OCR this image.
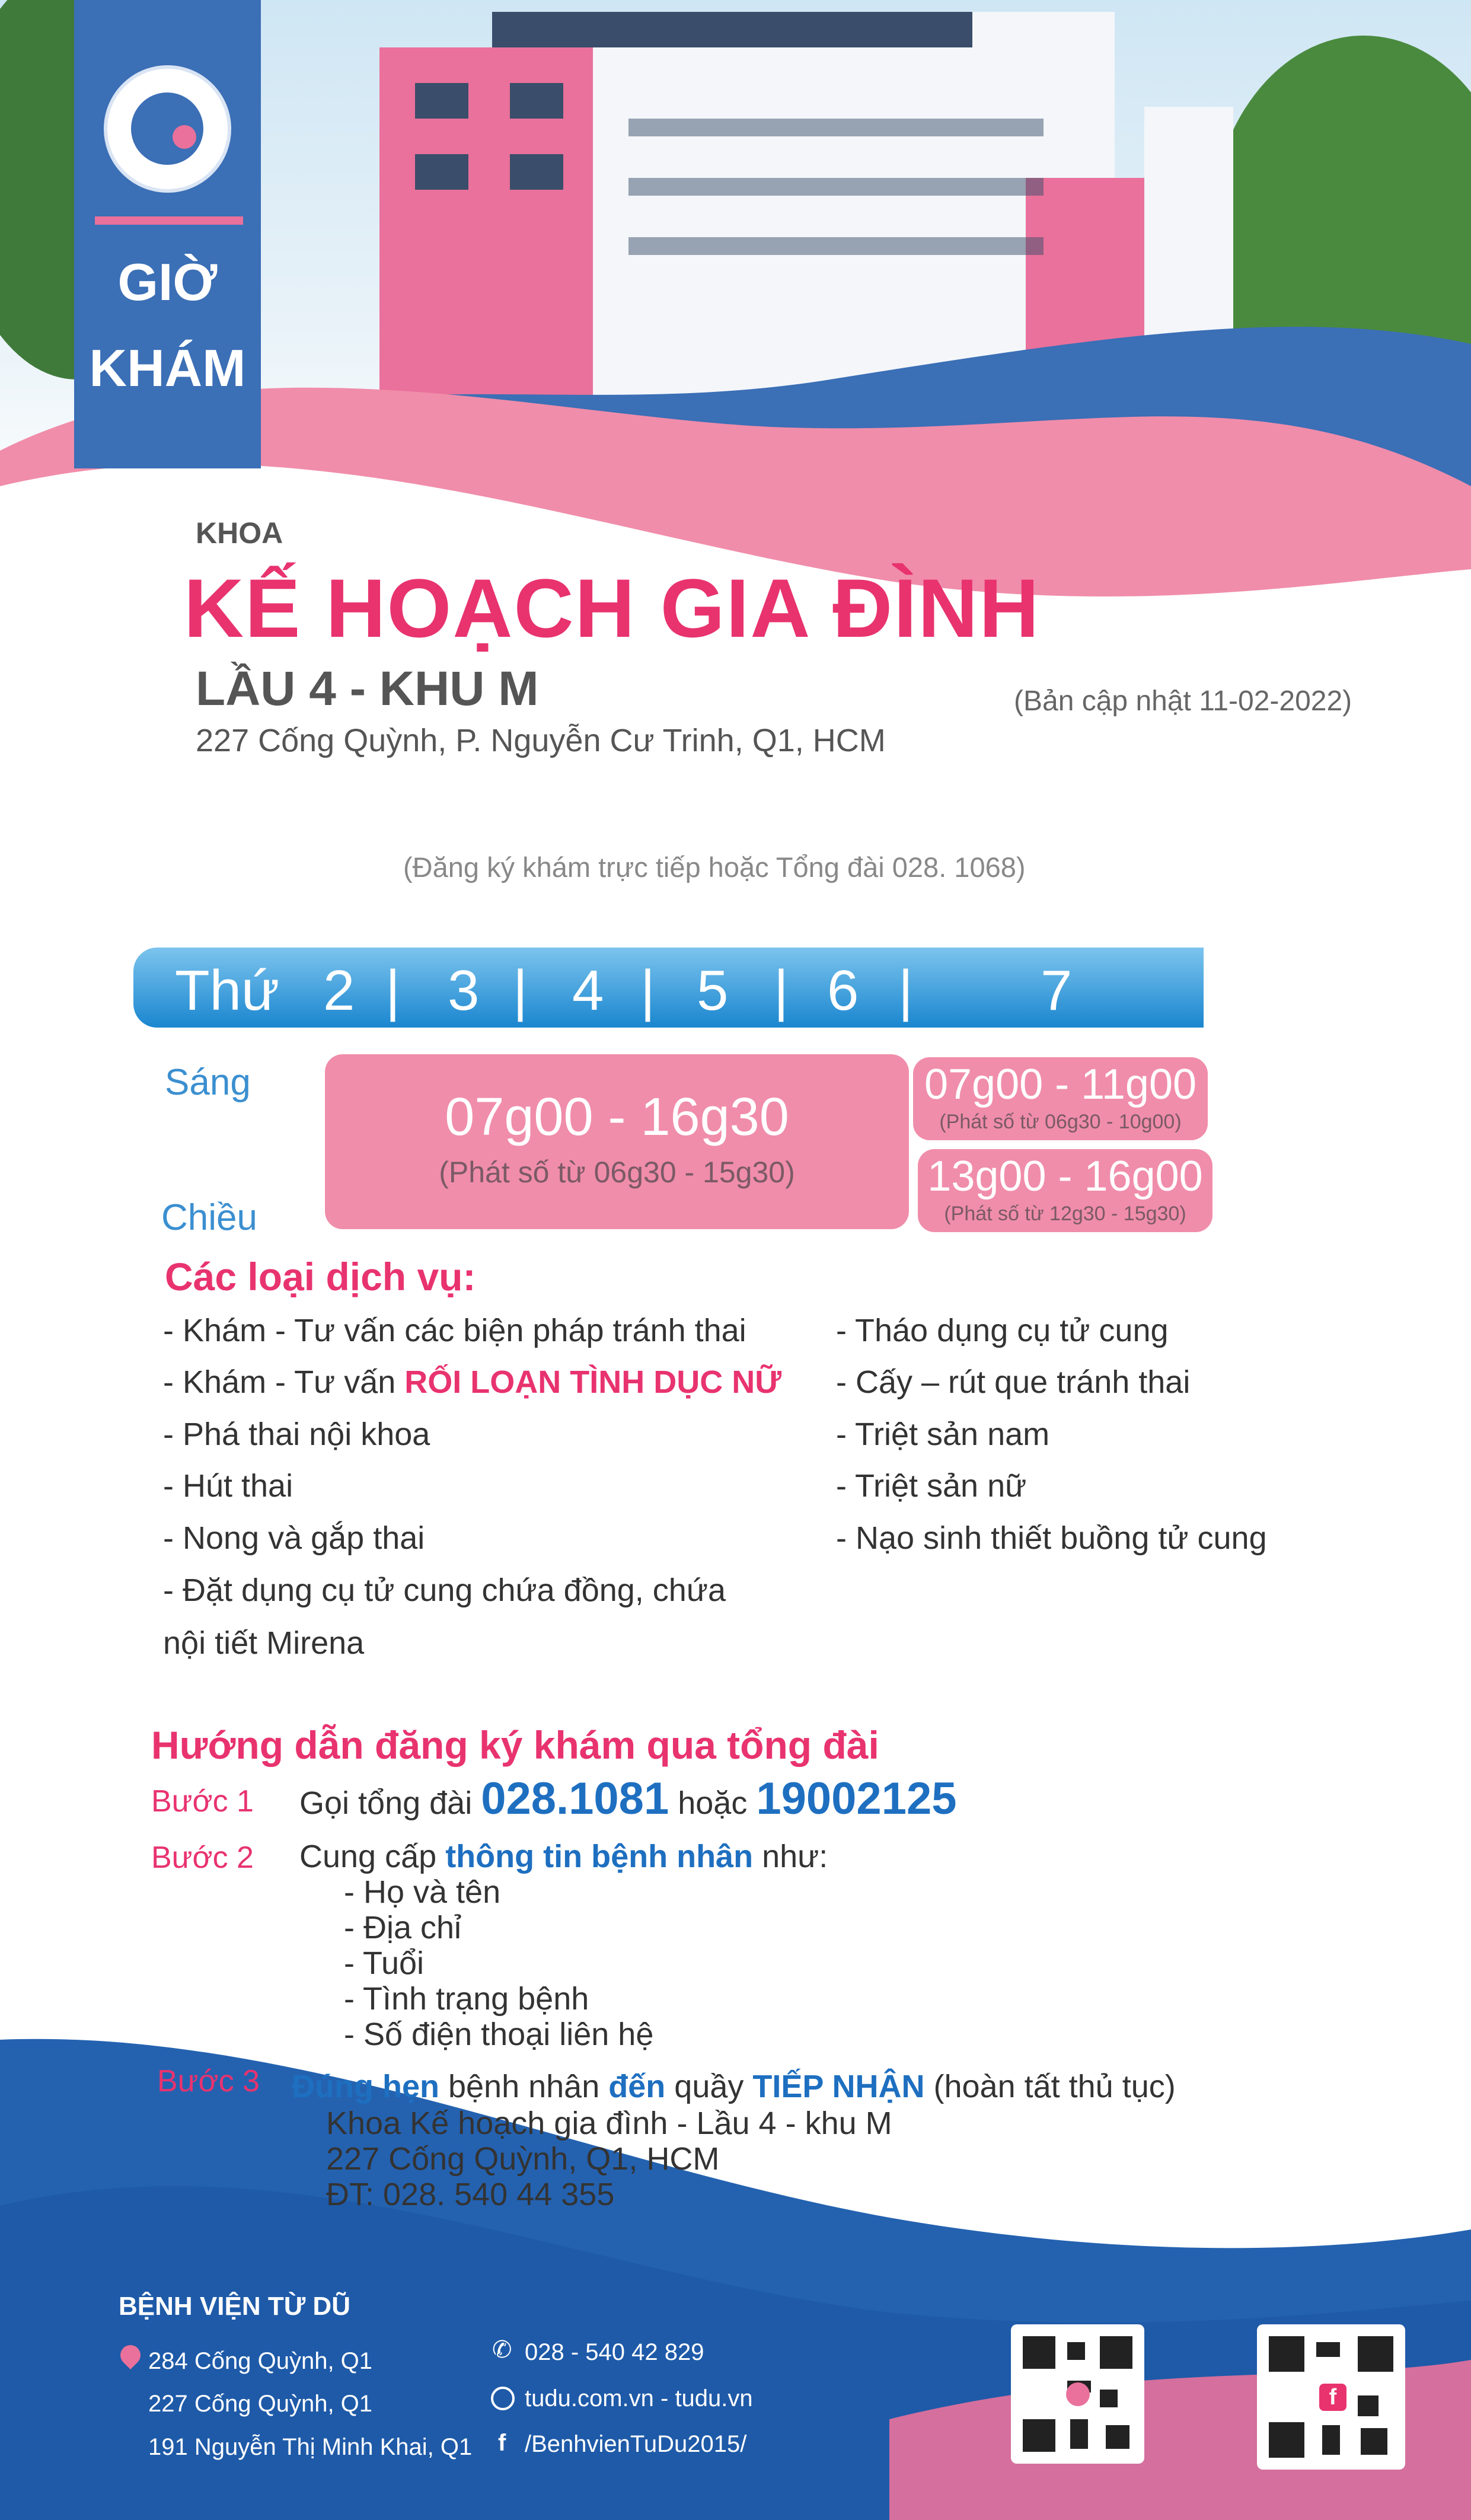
GIỜ
KHÁM
KHOA
KẾ HOẠCH GIA ĐÌNH
LẦU 4 - KHU M
227 Cống Quỳnh, P. Nguyễn Cư Trinh, Q1, HCM
(Bản cập nhật 11-02-2022)
(Đăng ký khám trực tiếp hoặc Tổng đài 028. 1068)
Thứ 2 | 3 | 4 | 5 | 6 | 7
Sáng
Chiều
07g00 - 16g30
(Phát số từ 06g30 - 15g30)
07g00 - 11g00
(Phát số từ 06g30 - 10g00)
13g00 - 16g00
(Phát số từ 12g30 - 15g30)
Các loại dịch vụ:
- Khám - Tư vấn các biện pháp tránh thai
- Khám - Tư vấn RỐI LOẠN TÌNH DỤC NỮ
- Phá thai nội khoa
- Hút thai
- Nong và gắp thai
- Đặt dụng cụ tử cung chứa đồng, chứa
nội tiết Mirena
- Tháo dụng cụ tử cung
- Cấy – rút que tránh thai
- Triệt sản nam
- Triệt sản nữ
- Nạo sinh thiết buồng tử cung
Hướng dẫn đăng ký khám qua tổng đài
Bước 1 Gọi tổng đài 028.1081 hoặc 19002125
Bước 2 Cung cấp thông tin bệnh nhân như:
- Họ và tên
- Địa chỉ
- Tuổi
- Tình trạng bệnh
- Số điện thoại liên hệ
Bước 3 Đúng hẹn bệnh nhân đến quầy TIẾP NHẬN (hoàn tất thủ tục)
Khoa Kế hoạch gia đình - Lầu 4 - khu M
227 Cống Quỳnh, Q1, HCM
ĐT: 028. 540 44 355
BỆNH VIỆN TỪ DŨ
284 Cống Quỳnh, Q1
227 Cống Quỳnh, Q1
191 Nguyễn Thị Minh Khai, Q1
✆ 028 - 540 42 829
tudu.com.vn - tudu.vn
f /BenhvienTuDu2015/
f
